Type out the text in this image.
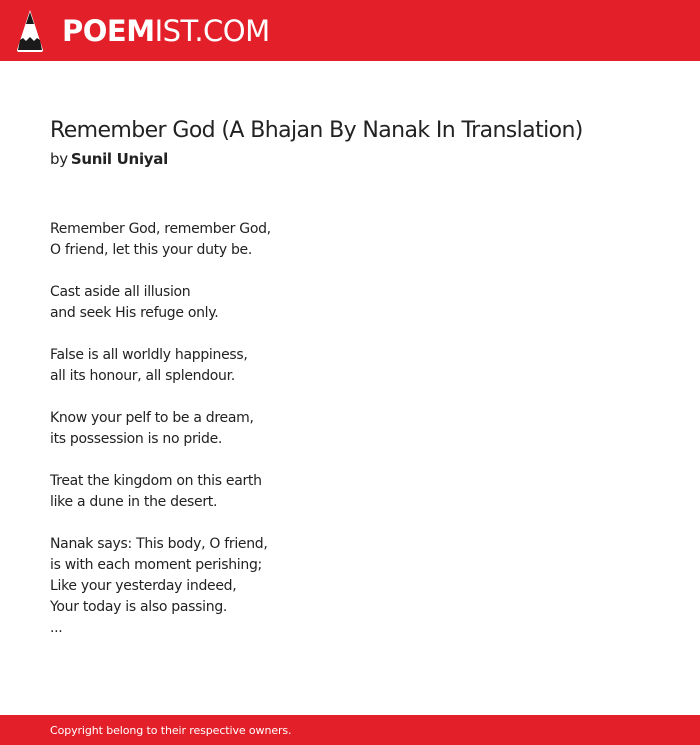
POEMIST.COM
Remember God (A Bhajan By Nanak In Translation)
by Sunil Uniyal
Remember God, remember God,
O friend, let this your duty be.
Cast aside all illusion
and seek His refuge only.
False is all worldly happiness,
all its honour, all splendour.
Know your pelf to be a dream,
its possession is no pride.
Treat the kingdom on this earth
like a dune in the desert.
Nanak says: This body, O friend,
is with each moment perishing;
Like your yesterday indeed,
Your today is also passing.
...
Copyright belong to their respective owners.
